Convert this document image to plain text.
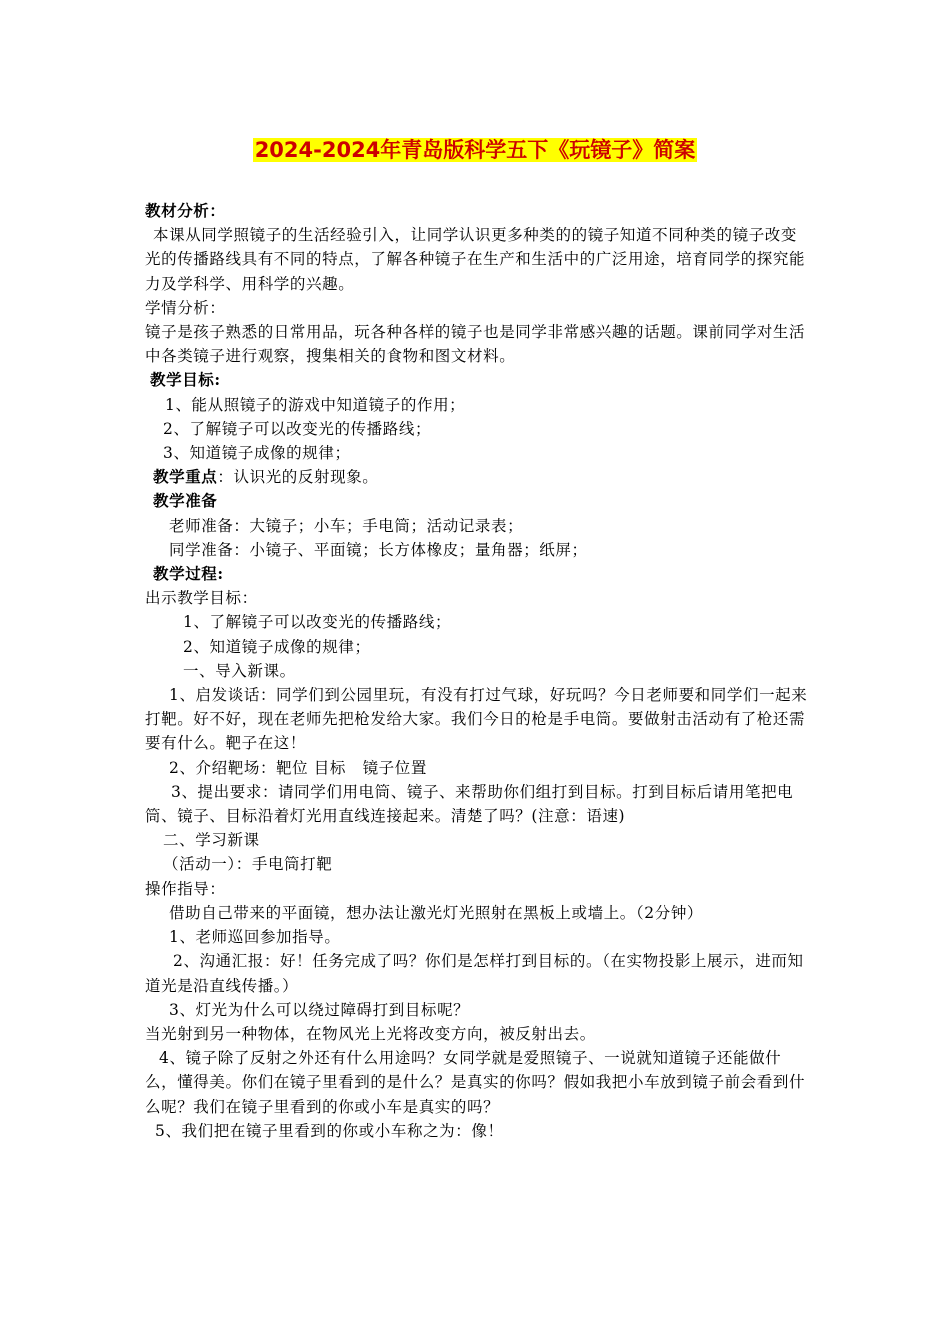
2024-2024年青岛版科学五下《玩镜子》简案

教材分析：

本课从同学照镜子的生活经验引入，让同学认识更多种类的的镜子知道不同种类的镜子改变光的传播路线具有不同的特点，了解各种镜子在生产和生活中的广泛用途，培育同学的探究能力及学科学、用科学的兴趣。

学情分析：

镜子是孩子熟悉的日常用品，玩各种各样的镜子也是同学非常感兴趣的话题。课前同学对生活中各类镜子进行观察，搜集相关的食物和图文材料。

教学目标:

1、能从照镜子的游戏中知道镜子的作用；

2、了解镜子可以改变光的传播路线；

3、知道镜子成像的规律；

教学重点：认识光的反射现象。

教学准备

老师准备：大镜子；小车；手电筒；活动记录表；

同学准备：小镜子、平面镜；长方体橡皮；量角器；纸屏；

教学过程:

出示教学目标：

1、了解镜子可以改变光的传播路线；

2、知道镜子成像的规律；

一、导入新课。

1、启发谈话：同学们到公园里玩，有没有打过气球，好玩吗？今日老师要和同学们一起来打靶。好不好，现在老师先把枪发给大家。我们今日的枪是手电筒。要做射击活动有了枪还需要有什么。靶子在这！

2、介绍靶场：靶位 目标   镜子位置

3、提出要求：请同学们用电筒、镜子、来帮助你们组打到目标。打到目标后请用笔把电筒、镜子、目标沿着灯光用直线连接起来。清楚了吗？(注意：语速)

二、学习新课

（活动一）：手电筒打靶

操作指导：

借助自己带来的平面镜，想办法让激光灯光照射在黑板上或墙上。（2分钟）

1、老师巡回参加指导。

2、沟通汇报：好！任务完成了吗？你们是怎样打到目标的。（在实物投影上展示，进而知道光是沿直线传播。）

3、灯光为什么可以绕过障碍打到目标呢？

当光射到另一种物体，在物风光上光将改变方向，被反射出去。

4、镜子除了反射之外还有什么用途吗？女同学就是爱照镜子、一说就知道镜子还能做什么，懂得美。你们在镜子里看到的是什么？是真实的你吗？假如我把小车放到镜子前会看到什么呢？我们在镜子里看到的你或小车是真实的吗？

5、我们把在镜子里看到的你或小车称之为：像！
